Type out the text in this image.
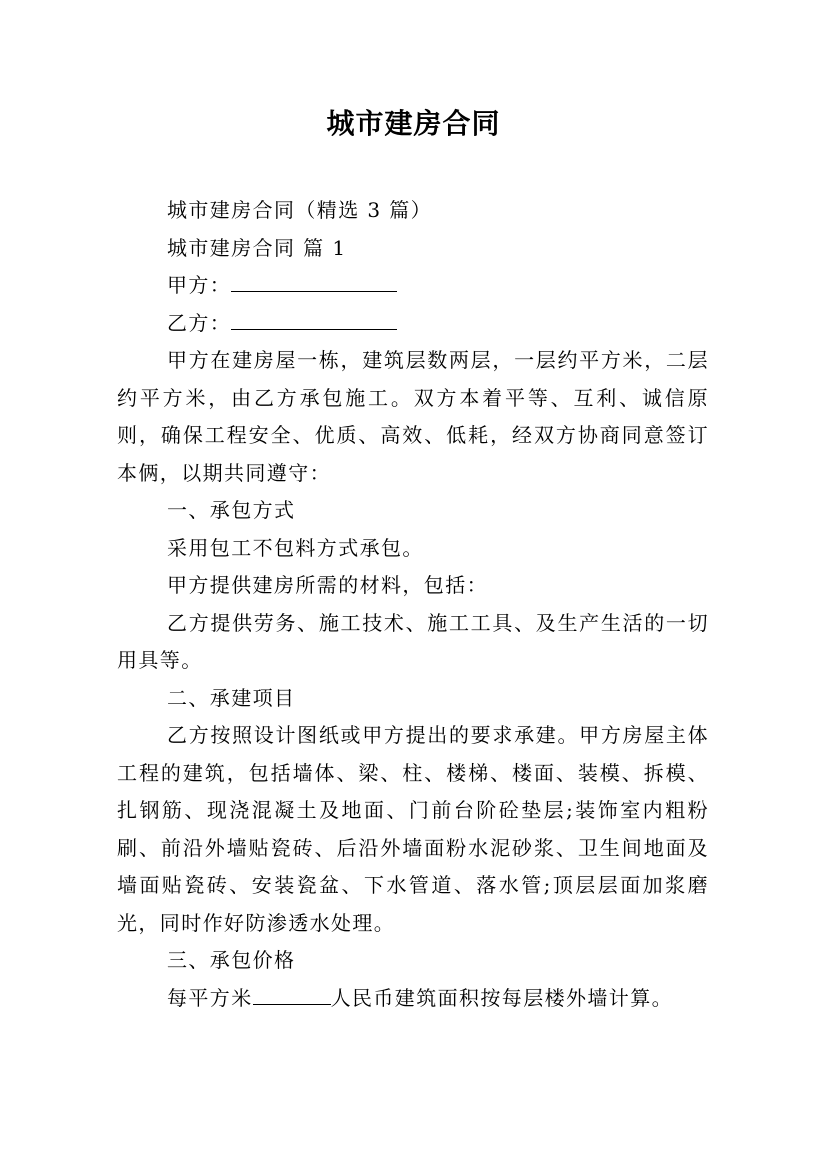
城市建房合同

城市建房合同（精选 3 篇）

城市建房合同 篇 1

甲方：

乙方：

甲方在建房屋一栋，建筑层数两层，一层约平方米，二层约平方米，由乙方承包施工。双方本着平等、互利、诚信原则，确保工程安全、优质、高效、低耗，经双方协商同意签订本俩，以期共同遵守：

一、承包方式

采用包工不包料方式承包。

甲方提供建房所需的材料，包括：

乙方提供劳务、施工技术、施工工具、及生产生活的一切用具等。

二、承建项目

乙方按照设计图纸或甲方提出的要求承建。甲方房屋主体工程的建筑，包括墙体、梁、柱、楼梯、楼面、装模、拆模、扎钢筋、现浇混凝土及地面、门前台阶砼垫层;装饰室内粗粉刷、前沿外墙贴瓷砖、后沿外墙面粉水泥砂浆、卫生间地面及墙面贴瓷砖、安装瓷盆、下水管道、落水管;顶层层面加浆磨光，同时作好防渗透水处理。

三、承包价格

每平方米	人民币建筑面积按每层楼外墙计算。
